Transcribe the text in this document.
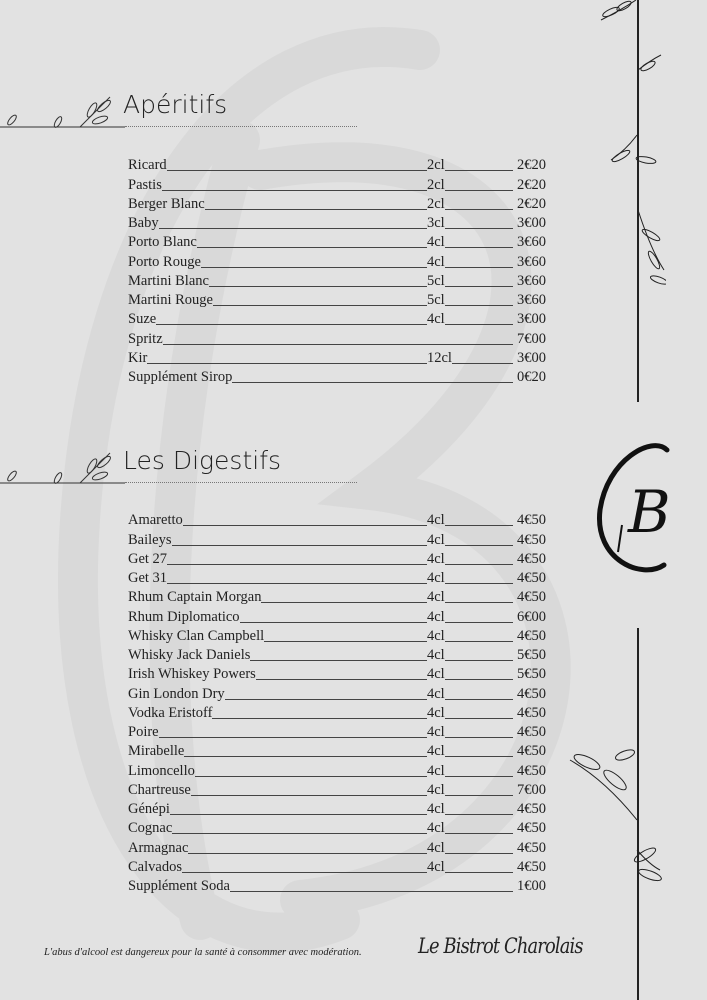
B
Apéritifs
Les Digestifs
Ricard	2cl	2€20
Pastis	2cl	2€20
Berger Blanc	2cl	2€20
Baby	3cl	3€00
Porto Blanc	4cl	3€60
Porto Rouge	4cl	3€60
Martini Blanc	5cl	3€60
Martini Rouge	5cl	3€60
Suze	4cl	3€00
Spritz	7€00
Kir	12cl	3€00
Supplément Sirop	0€20
Amaretto	4cl	4€50
Baileys	4cl	4€50
Get 27	4cl	4€50
Get 31	4cl	4€50
Rhum Captain Morgan	4cl	4€50
Rhum Diplomatico	4cl	6€00
Whisky Clan Campbell	4cl	4€50
Whisky Jack Daniels	4cl	5€50
Irish Whiskey Powers	4cl	5€50
Gin London Dry	4cl	4€50
Vodka Eristoff	4cl	4€50
Poire	4cl	4€50
Mirabelle	4cl	4€50
Limoncello	4cl	4€50
Chartreuse	4cl	7€00
Génépi	4cl	4€50
Cognac	4cl	4€50
Armagnac	4cl	4€50
Calvados	4cl	4€50
Supplément Soda	1€00

L'abus d'alcool est dangereux pour la santé à consommer avec modération.	Le Bistrot Charolais
